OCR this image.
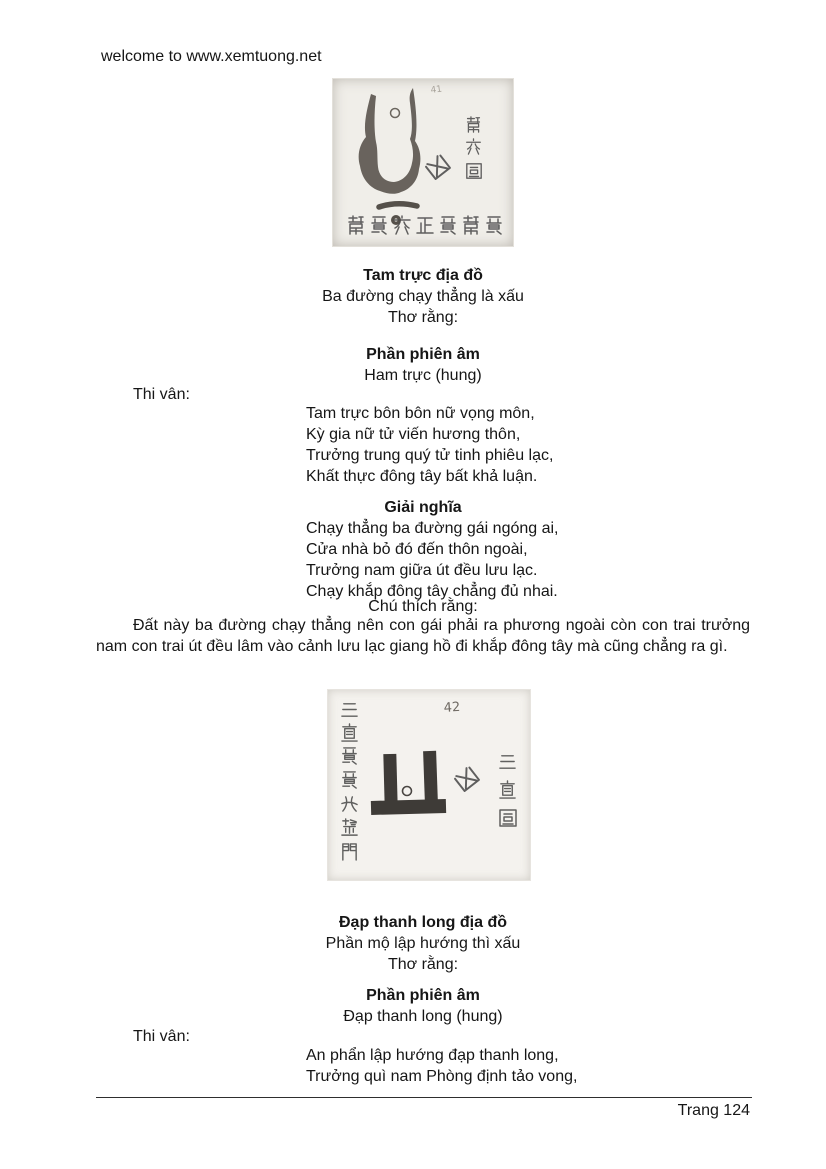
welcome to www.xemtuong.net
41
Tam trực địa đồ
Ba đường chạy thẳng là xấu
Thơ rằng:
Phần phiên âm
Ham trực (hung)
Thi vân:
Tam trực bôn bôn nữ vọng môn,
Kỳ gia nữ tử viến hương thôn,
Trưởng trung quý tử tinh phiêu lạc,
Khất thực đông tây bất khả luận.
Giải nghĩa
Chạy thẳng ba đường gái ngóng ai,
Cửa nhà bỏ đó đến thôn ngoài,
Trưởng nam giữa út đều lưu lạc.
Chạy khắp đông tây chẳng đủ nhai.
Chú thích rằng:
Đất này ba đường chạy thẳng nên con gái phải ra phương ngoài còn con trai trưởng nam con trai út đều lâm vào cảnh lưu lạc giang hồ đi khắp đông tây mà cũng chẳng ra gì.
42
Đạp thanh long địa đồ
Phần mộ lập hướng thì xấu
Thơ rằng:
Phần phiên âm
Đạp thanh long (hung)
Thi vân:
An phẩn lập hướng đạp thanh long,
Trưởng quì nam Phòng định tảo vong,
Trang 124
